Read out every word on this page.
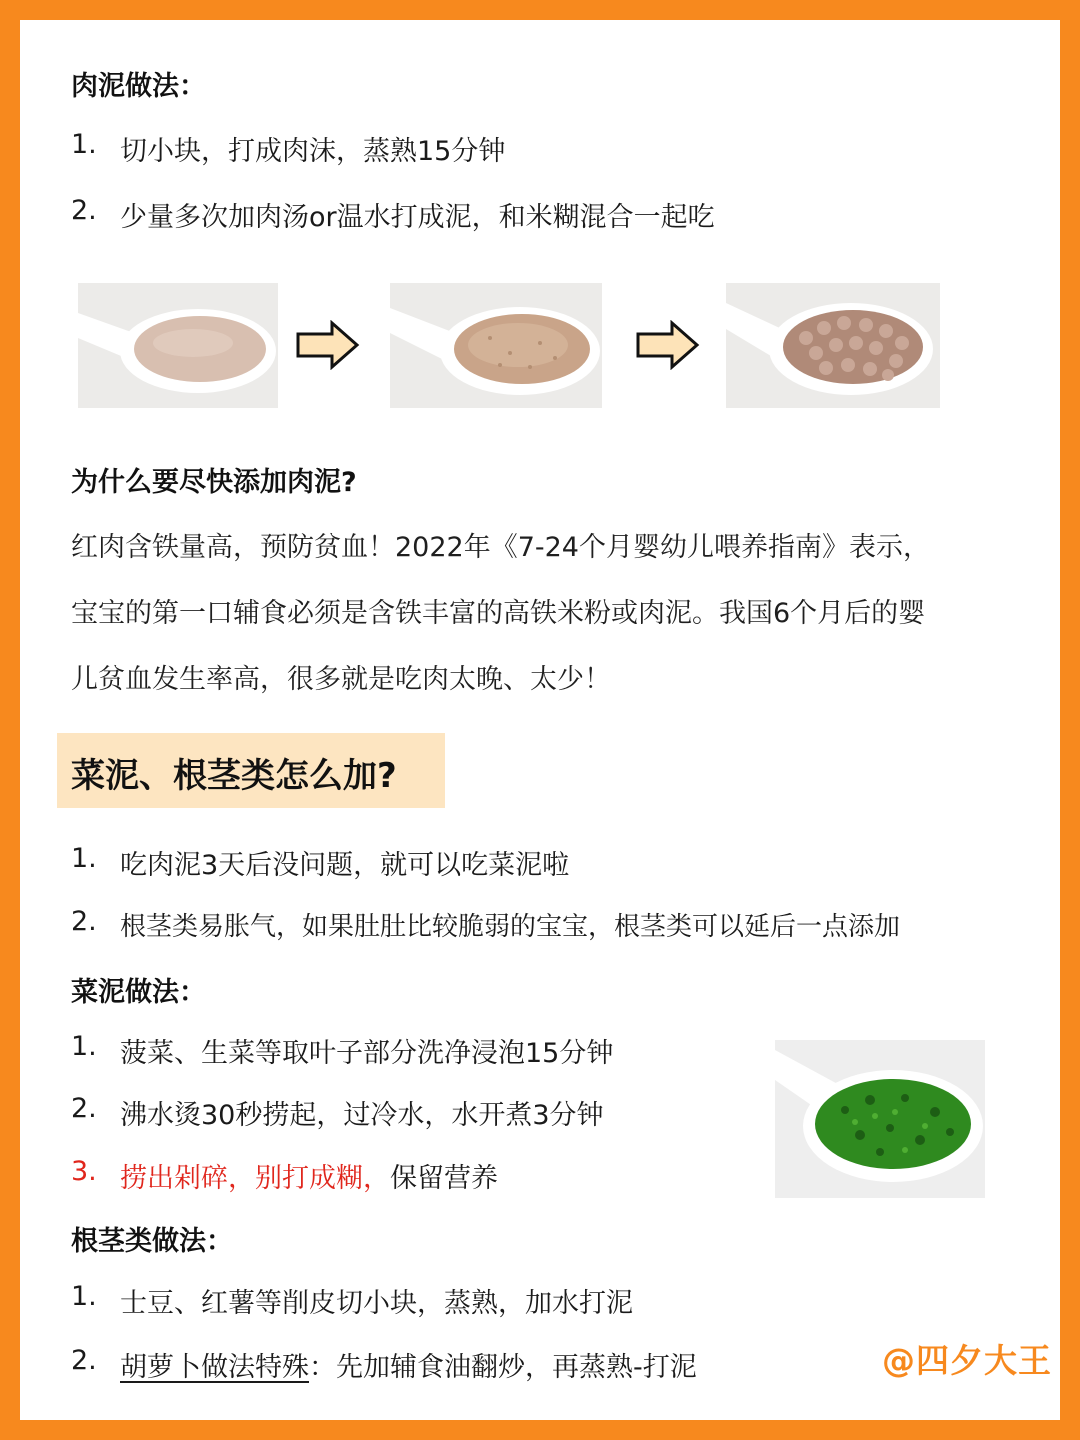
肉泥做法：
1. 切小块，打成肉沫，蒸熟15分钟
2. 少量多次加肉汤or温水打成泥，和米糊混合一起吃
为什么要尽快添加肉泥?
红肉含铁量高，预防贫血！2022年《7-24个月婴幼儿喂养指南》表示，
宝宝的第一口辅食必须是含铁丰富的高铁米粉或肉泥。我国6个月后的婴
儿贫血发生率高，很多就是吃肉太晚、太少！
菜泥、根茎类怎么加?
1. 吃肉泥3天后没问题，就可以吃菜泥啦
2. 根茎类易胀气，如果肚肚比较脆弱的宝宝，根茎类可以延后一点添加
菜泥做法：
1. 菠菜、生菜等取叶子部分洗净浸泡15分钟
2. 沸水烫30秒捞起，过冷水，水开煮3分钟
3. 捞出剁碎，别打成糊，保留营养
根茎类做法：
1. 士豆、红薯等削皮切小块，蒸熟，加水打泥
2. 胡萝卜做法特殊：先加辅食油翻炒，再蒸熟-打泥	@四夕大王
